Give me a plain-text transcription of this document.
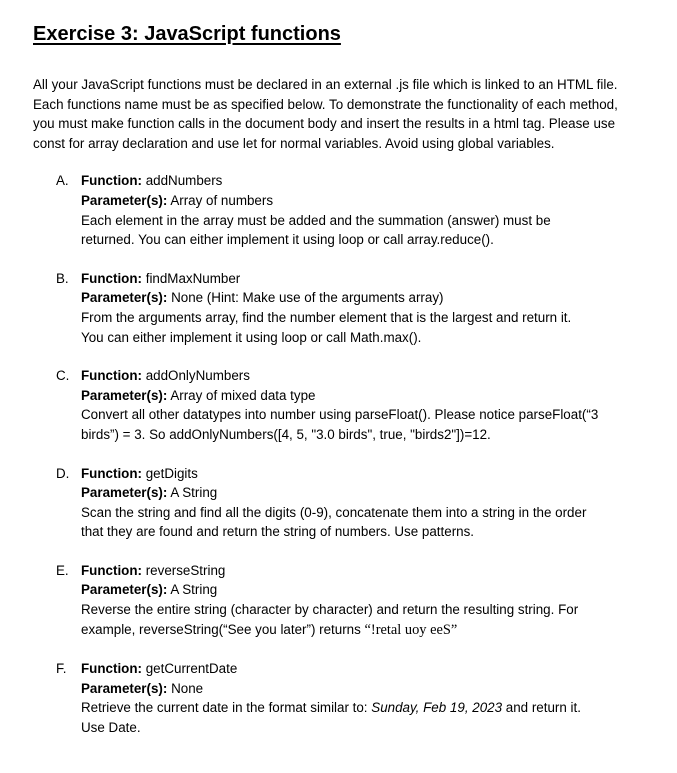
Exercise 3: JavaScript functions
All your JavaScript functions must be declared in an external .js file which is linked to an HTML file.
Each functions name must be as specified below. To demonstrate the functionality of each method,
you must make function calls in the document body and insert the results in a html tag. Please use
const for array declaration and use let for normal variables. Avoid using global variables.
A. Function: addNumbers
Parameter(s): Array of numbers
Each element in the array must be added and the summation (answer) must be
returned. You can either implement it using loop or call array.reduce().
B. Function: findMaxNumber
Parameter(s): None (Hint: Make use of the arguments array)
From the arguments array, find the number element that is the largest and return it.
You can either implement it using loop or call Math.max().
C. Function: addOnlyNumbers
Parameter(s): Array of mixed data type
Convert all other datatypes into number using parseFloat(). Please notice parseFloat(“3
birds”) = 3. So addOnlyNumbers([4, 5, "3.0 birds", true, "birds2"])=12.
D. Function: getDigits
Parameter(s): A String
Scan the string and find all the digits (0-9), concatenate them into a string in the order
that they are found and return the string of numbers. Use patterns.
E. Function: reverseString
Parameter(s): A String
Reverse the entire string (character by character) and return the resulting string. For
example, reverseString(“See you later”) returns “!retal uoy eeS”
F. Function: getCurrentDate
Parameter(s): None
Retrieve the current date in the format similar to: Sunday, Feb 19, 2023 and return it.
Use Date.
